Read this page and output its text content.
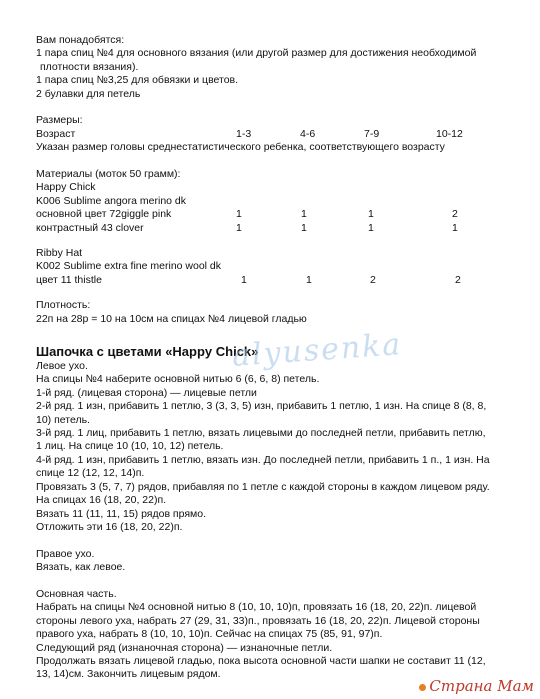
Вам понадобятся:
1 пара спиц №4 для основного вязания (или другой размер для достижения необходимой
плотности вязания).
1 пара спиц №3,25 для обвязки и цветов.
2 булавки для петель
Размеры:
Возраст	1-3	4-6	7-9	10-12
Указан размер головы среднестатистического ребенка, соответствующего возрасту
Материалы (моток 50 грамм):
Happy Chick
K006 Sublime angora merino dk
основной цвет 72giggle pink	1	1	1	2
контрастный 43 clover	1	1	1	1
Ribby Hat
K002 Sublime extra fine merino wool dk
цвет 11 thistle	1	1	2	2
Плотность:
22п на 28р = 10 на 10см на спицах №4 лицевой гладью
Шапочка с цветами «Happy Chick»
Левое ухо.
На спицы №4 наберите основной нитью 6 (6, 6, 8) петель.
1-й ряд. (лицевая сторона) — лицевые петли
2-й ряд. 1 изн, прибавить 1 петлю, 3 (3, 3, 5) изн, прибавить 1 петлю, 1 изн. На спице 8 (8, 8,
10) петель.
3-й ряд. 1 лиц, прибавить 1 петлю, вязать лицевыми до последней петли, прибавить петлю,
1 лиц. На спице 10 (10, 10, 12) петель.
4-й ряд. 1 изн, прибавить 1 петлю, вязать изн. До последней петли, прибавить 1 п., 1 изн. На
спице 12 (12, 12, 14)п.
Провязать 3 (5, 7, 7) рядов, прибавляя по 1 петле с каждой стороны в каждом лицевом ряду.
На спицах 16 (18, 20, 22)п.
Вязать 11 (11, 11, 15) рядов прямо.
Отложить эти 16 (18, 20, 22)п.
Правое ухо.
Вязать, как левое.
Основная часть.
Набрать на спицы №4 основной нитью 8 (10, 10, 10)п, провязать 16 (18, 20, 22)п. лицевой
стороны левого уха, набрать 27 (29, 31, 33)п., провязать 16 (18, 20, 22)п. Лицевой стороны
правого уха, набрать 8 (10, 10, 10)п. Сейчас на спицах 75 (85, 91, 97)п.
Следующий ряд (изнаночная сторона) — изнаночные петли.
Продолжать вязать лицевой гладью, пока высота основной части шапки не составит 11 (12,
13, 14)см. Закончить лицевым рядом.
alyusenka
Страна Мам
